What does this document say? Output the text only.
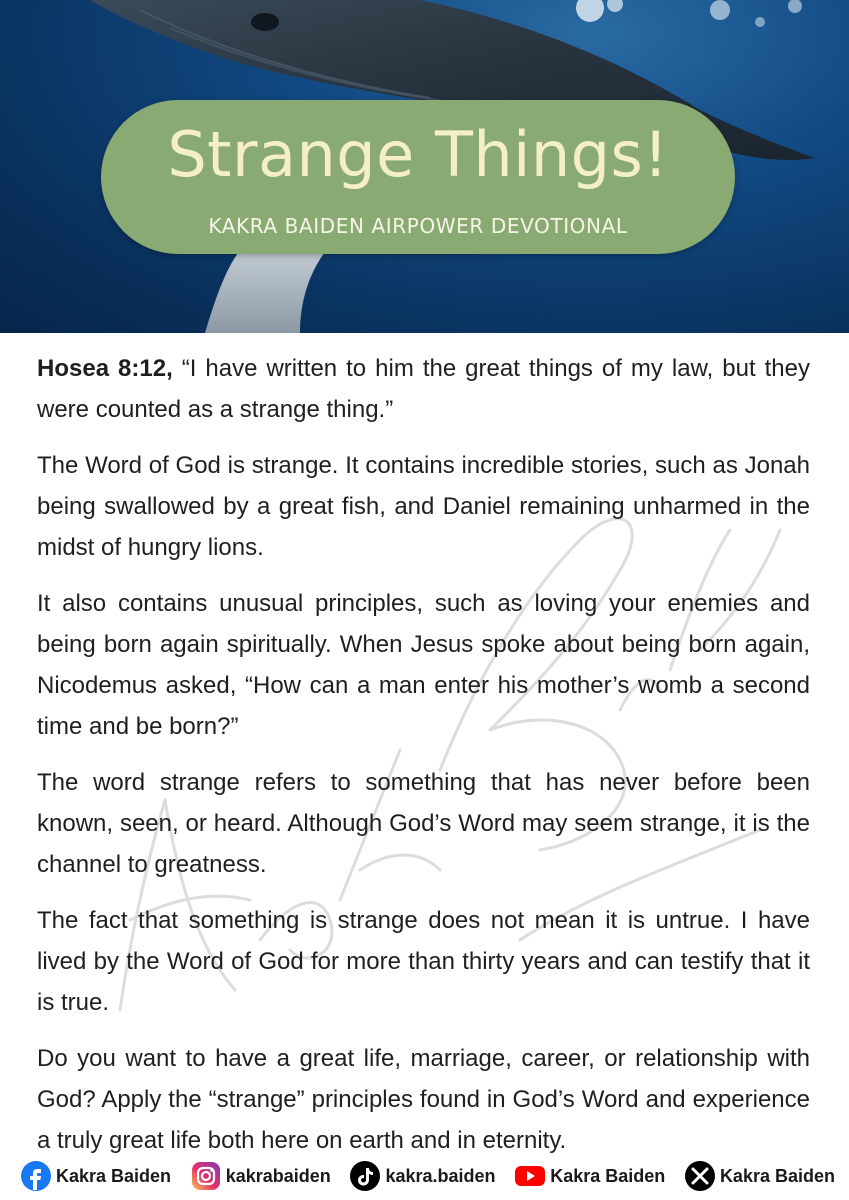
Strange Things!
KAKRA BAIDEN AIRPOWER DEVOTIONAL

Hosea 8:12, “I have written to him the great things of my law, but they were counted as a strange thing.”

The Word of God is strange. It contains incredible stories, such as Jonah being swallowed by a great fish, and Daniel remaining unharmed in the midst of hungry lions.

It also contains unusual principles, such as loving your enemies and being born again spiritually. When Jesus spoke about being born again, Nicodemus asked, “How can a man enter his mother’s womb a second time and be born?”

The word strange refers to something that has never before been known, seen, or heard. Although God’s Word may seem strange, it is the channel to greatness.

The fact that something is strange does not mean it is untrue. I have lived by the Word of God for more than thirty years and can testify that it is true.

Do you want to have a great life, marriage, career, or relationship with God? Apply the “strange” principles found in God’s Word and experience a truly great life both here on earth and in eternity.

Kakra Baiden	kakrabaiden	kakra.baiden	Kakra Baiden	Kakra Baiden
